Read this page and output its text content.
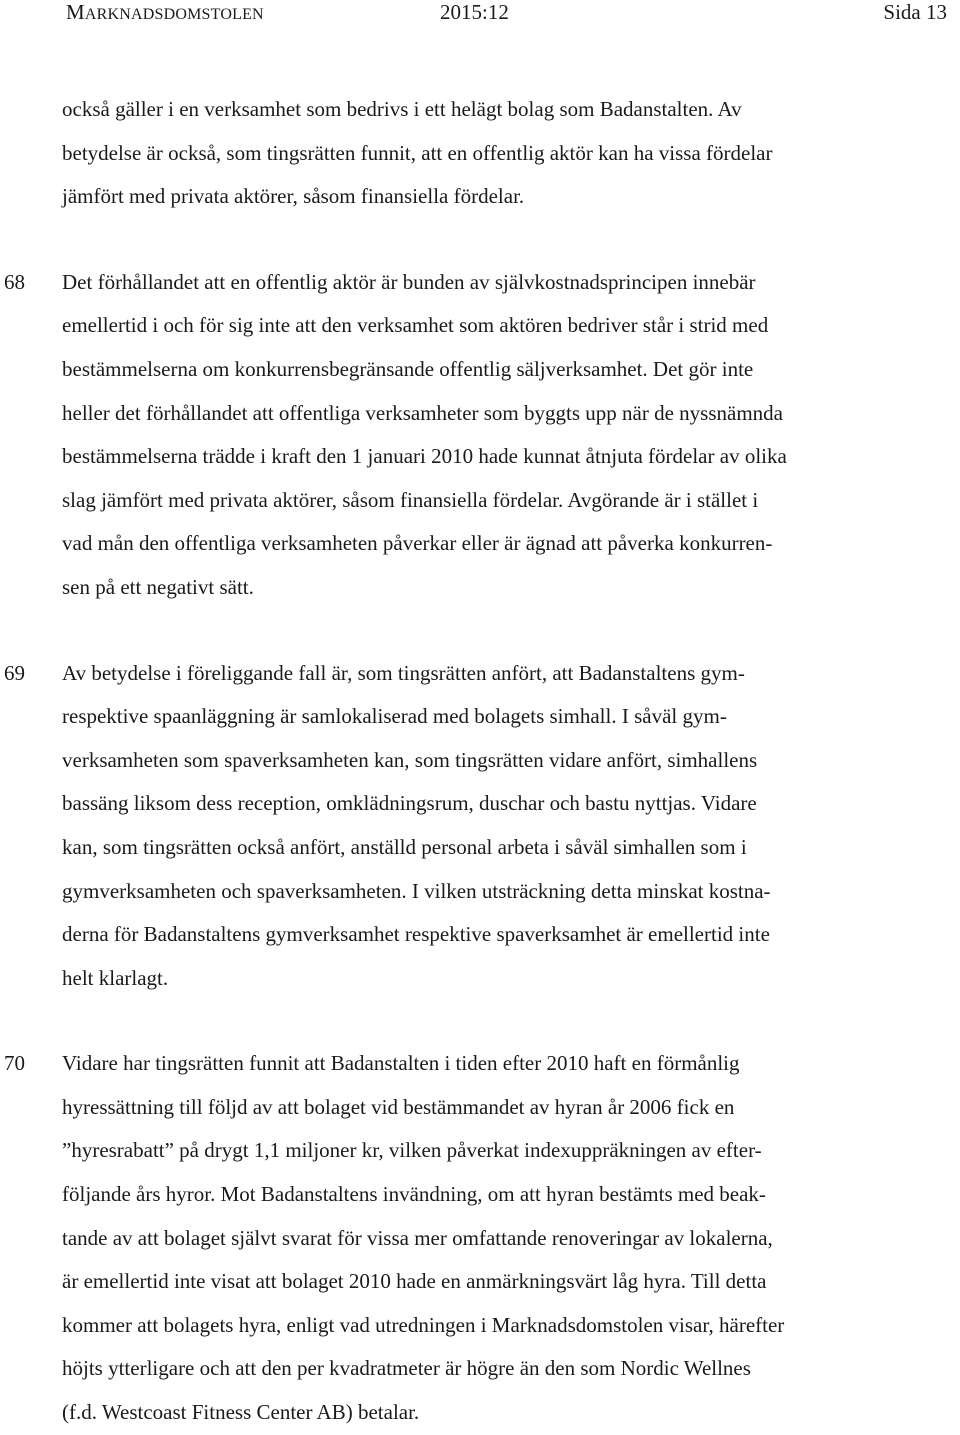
MARKNADSDOMSTOLEN	2015:12	Sida 13
också gäller i en verksamhet som bedrivs i ett helägt bolag som Badanstalten. Av
betydelse är också, som tingsrätten funnit, att en offentlig aktör kan ha vissa fördelar
jämfört med privata aktörer, såsom finansiella fördelar.
68 Det förhållandet att en offentlig aktör är bunden av självkostnadsprincipen innebär
emellertid i och för sig inte att den verksamhet som aktören bedriver står i strid med
bestämmelserna om konkurrensbegränsande offentlig säljverksamhet. Det gör inte
heller det förhållandet att offentliga verksamheter som byggts upp när de nyssnämnda
bestämmelserna trädde i kraft den 1 januari 2010 hade kunnat åtnjuta fördelar av olika
slag jämfört med privata aktörer, såsom finansiella fördelar. Avgörande är i stället i
vad mån den offentliga verksamheten påverkar eller är ägnad att påverka konkurren-
sen på ett negativt sätt.
69 Av betydelse i föreliggande fall är, som tingsrätten anfört, att Badanstaltens gym-
respektive spaanläggning är samlokaliserad med bolagets simhall. I såväl gym-
verksamheten som spaverksamheten kan, som tingsrätten vidare anfört, simhallens
bassäng liksom dess reception, omklädningsrum, duschar och bastu nyttjas. Vidare
kan, som tingsrätten också anfört, anställd personal arbeta i såväl simhallen som i
gymverksamheten och spaverksamheten. I vilken utsträckning detta minskat kostna-
derna för Badanstaltens gymverksamhet respektive spaverksamhet är emellertid inte
helt klarlagt.
70 Vidare har tingsrätten funnit att Badanstalten i tiden efter 2010 haft en förmånlig
hyressättning till följd av att bolaget vid bestämmandet av hyran år 2006 fick en
”hyresrabatt” på drygt 1,1 miljoner kr, vilken påverkat indexuppräkningen av efter-
följande års hyror. Mot Badanstaltens invändning, om att hyran bestämts med beak-
tande av att bolaget självt svarat för vissa mer omfattande renoveringar av lokalerna,
är emellertid inte visat att bolaget 2010 hade en anmärkningsvärt låg hyra. Till detta
kommer att bolagets hyra, enligt vad utredningen i Marknadsdomstolen visar, härefter
höjts ytterligare och att den per kvadratmeter är högre än den som Nordic Wellnes
(f.d. Westcoast Fitness Center AB) betalar.
